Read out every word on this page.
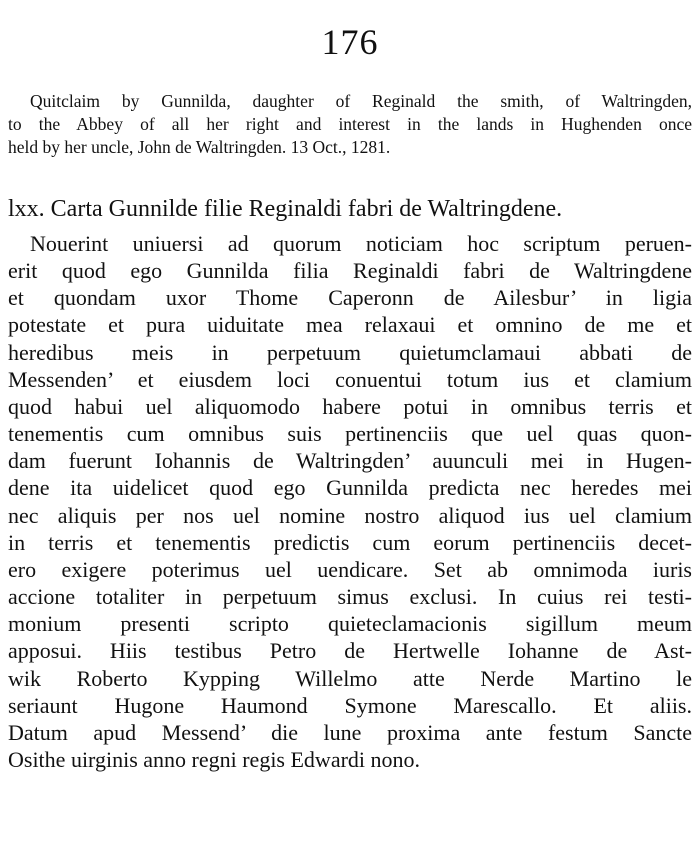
176

Quitclaim by Gunnilda, daughter of Reginald the smith, of Waltringden,
to the Abbey of all her right and interest in the lands in Hughenden once
held by her uncle, John de Waltringden. 13 Oct., 1281.

lxx. Carta Gunnilde filie Reginaldi fabri de Waltringdene.

Nouerint uniuersi ad quorum noticiam hoc scriptum peruen-
erit quod ego Gunnilda filia Reginaldi fabri de Waltringdene
et quondam uxor Thome Caperonn de Ailesbur’ in ligia
potestate et pura uiduitate mea relaxaui et omnino de me et
heredibus meis in perpetuum quietumclamaui abbati de
Messenden’ et eiusdem loci conuentui totum ius et clamium
quod habui uel aliquomodo habere potui in omnibus terris et
tenementis cum omnibus suis pertinenciis que uel quas quon-
dam fuerunt Iohannis de Waltringden’ auunculi mei in Hugen-
dene ita uidelicet quod ego Gunnilda predicta nec heredes mei
nec aliquis per nos uel nomine nostro aliquod ius uel clamium
in terris et tenementis predictis cum eorum pertinenciis decet-
ero exigere poterimus uel uendicare. Set ab omnimoda iuris
accione totaliter in perpetuum simus exclusi. In cuius rei testi-
monium presenti scripto quieteclamacionis sigillum meum
apposui. Hiis testibus Petro de Hertwelle Iohanne de Ast-
wik Roberto Kypping Willelmo atte Nerde Martino le
seriaunt Hugone Haumond Symone Marescallo. Et aliis.
Datum apud Messend’ die lune proxima ante festum Sancte
Osithe uirginis anno regni regis Edwardi nono.
